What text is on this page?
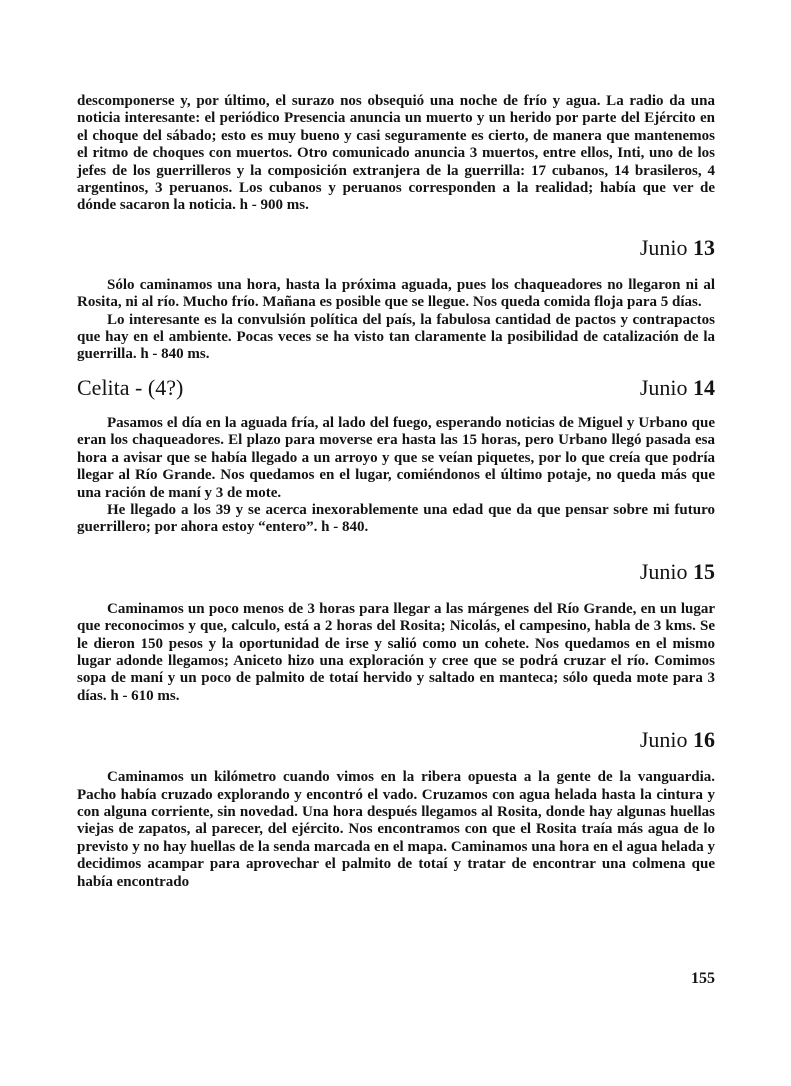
descomponerse y, por último, el surazo nos obsequió una noche de frío y agua. La radio da una noticia interesante: el periódico Presencia anuncia un muerto y un herido por parte del Ejército en el choque del sábado; esto es muy bueno y casi seguramente es cierto, de manera que mantenemos el ritmo de choques con muertos. Otro comunicado anuncia 3 muertos, entre ellos, Inti, uno de los jefes de los guerrilleros y la composición extranjera de la guerrilla: 17 cubanos, 14 brasileros, 4 argentinos, 3 peruanos. Los cubanos y peruanos corresponden a la realidad; había que ver de dónde sacaron la noticia. h - 900 ms.

Junio 13

Sólo caminamos una hora, hasta la próxima aguada, pues los chaqueadores no llegaron ni al Rosita, ni al río. Mucho frío. Mañana es posible que se llegue. Nos queda comida floja para 5 días.

Lo interesante es la convulsión política del país, la fabulosa cantidad de pactos y contrapactos que hay en el ambiente. Pocas veces se ha visto tan claramente la posibilidad de catalización de la guerrilla. h - 840 ms.

Celita - (4?)	Junio 14

Pasamos el día en la aguada fría, al lado del fuego, esperando noticias de Miguel y Urbano que eran los chaqueadores. El plazo para moverse era hasta las 15 horas, pero Urbano llegó pasada esa hora a avisar que se había llegado a un arroyo y que se veían piquetes, por lo que creía que podría llegar al Río Grande. Nos quedamos en el lugar, comiéndonos el último potaje, no queda más que una ración de maní y 3 de mote.

He llegado a los 39 y se acerca inexorablemente una edad que da que pensar sobre mi futuro guerrillero; por ahora estoy “entero”. h - 840.

Junio 15

Caminamos un poco menos de 3 horas para llegar a las márgenes del Río Grande, en un lugar que reconocimos y que, calculo, está a 2 horas del Rosita; Nicolás, el campesino, habla de 3 kms. Se le dieron 150 pesos y la oportunidad de irse y salió como un cohete. Nos quedamos en el mismo lugar adonde llegamos; Aniceto hizo una exploración y cree que se podrá cruzar el río. Comimos sopa de maní y un poco de palmito de totaí hervido y saltado en manteca; sólo queda mote para 3 días. h - 610 ms.

Junio 16

Caminamos un kilómetro cuando vimos en la ribera opuesta a la gente de la vanguardia. Pacho había cruzado explorando y encontró el vado. Cruzamos con agua helada hasta la cintura y con alguna corriente, sin novedad. Una hora después llegamos al Rosita, donde hay algunas huellas viejas de zapatos, al parecer, del ejército. Nos encontramos con que el Rosita traía más agua de lo previsto y no hay huellas de la senda marcada en el mapa. Caminamos una hora en el agua helada y decidimos acampar para aprovechar el palmito de totaí y tratar de encontrar una colmena que había encontrado

155
